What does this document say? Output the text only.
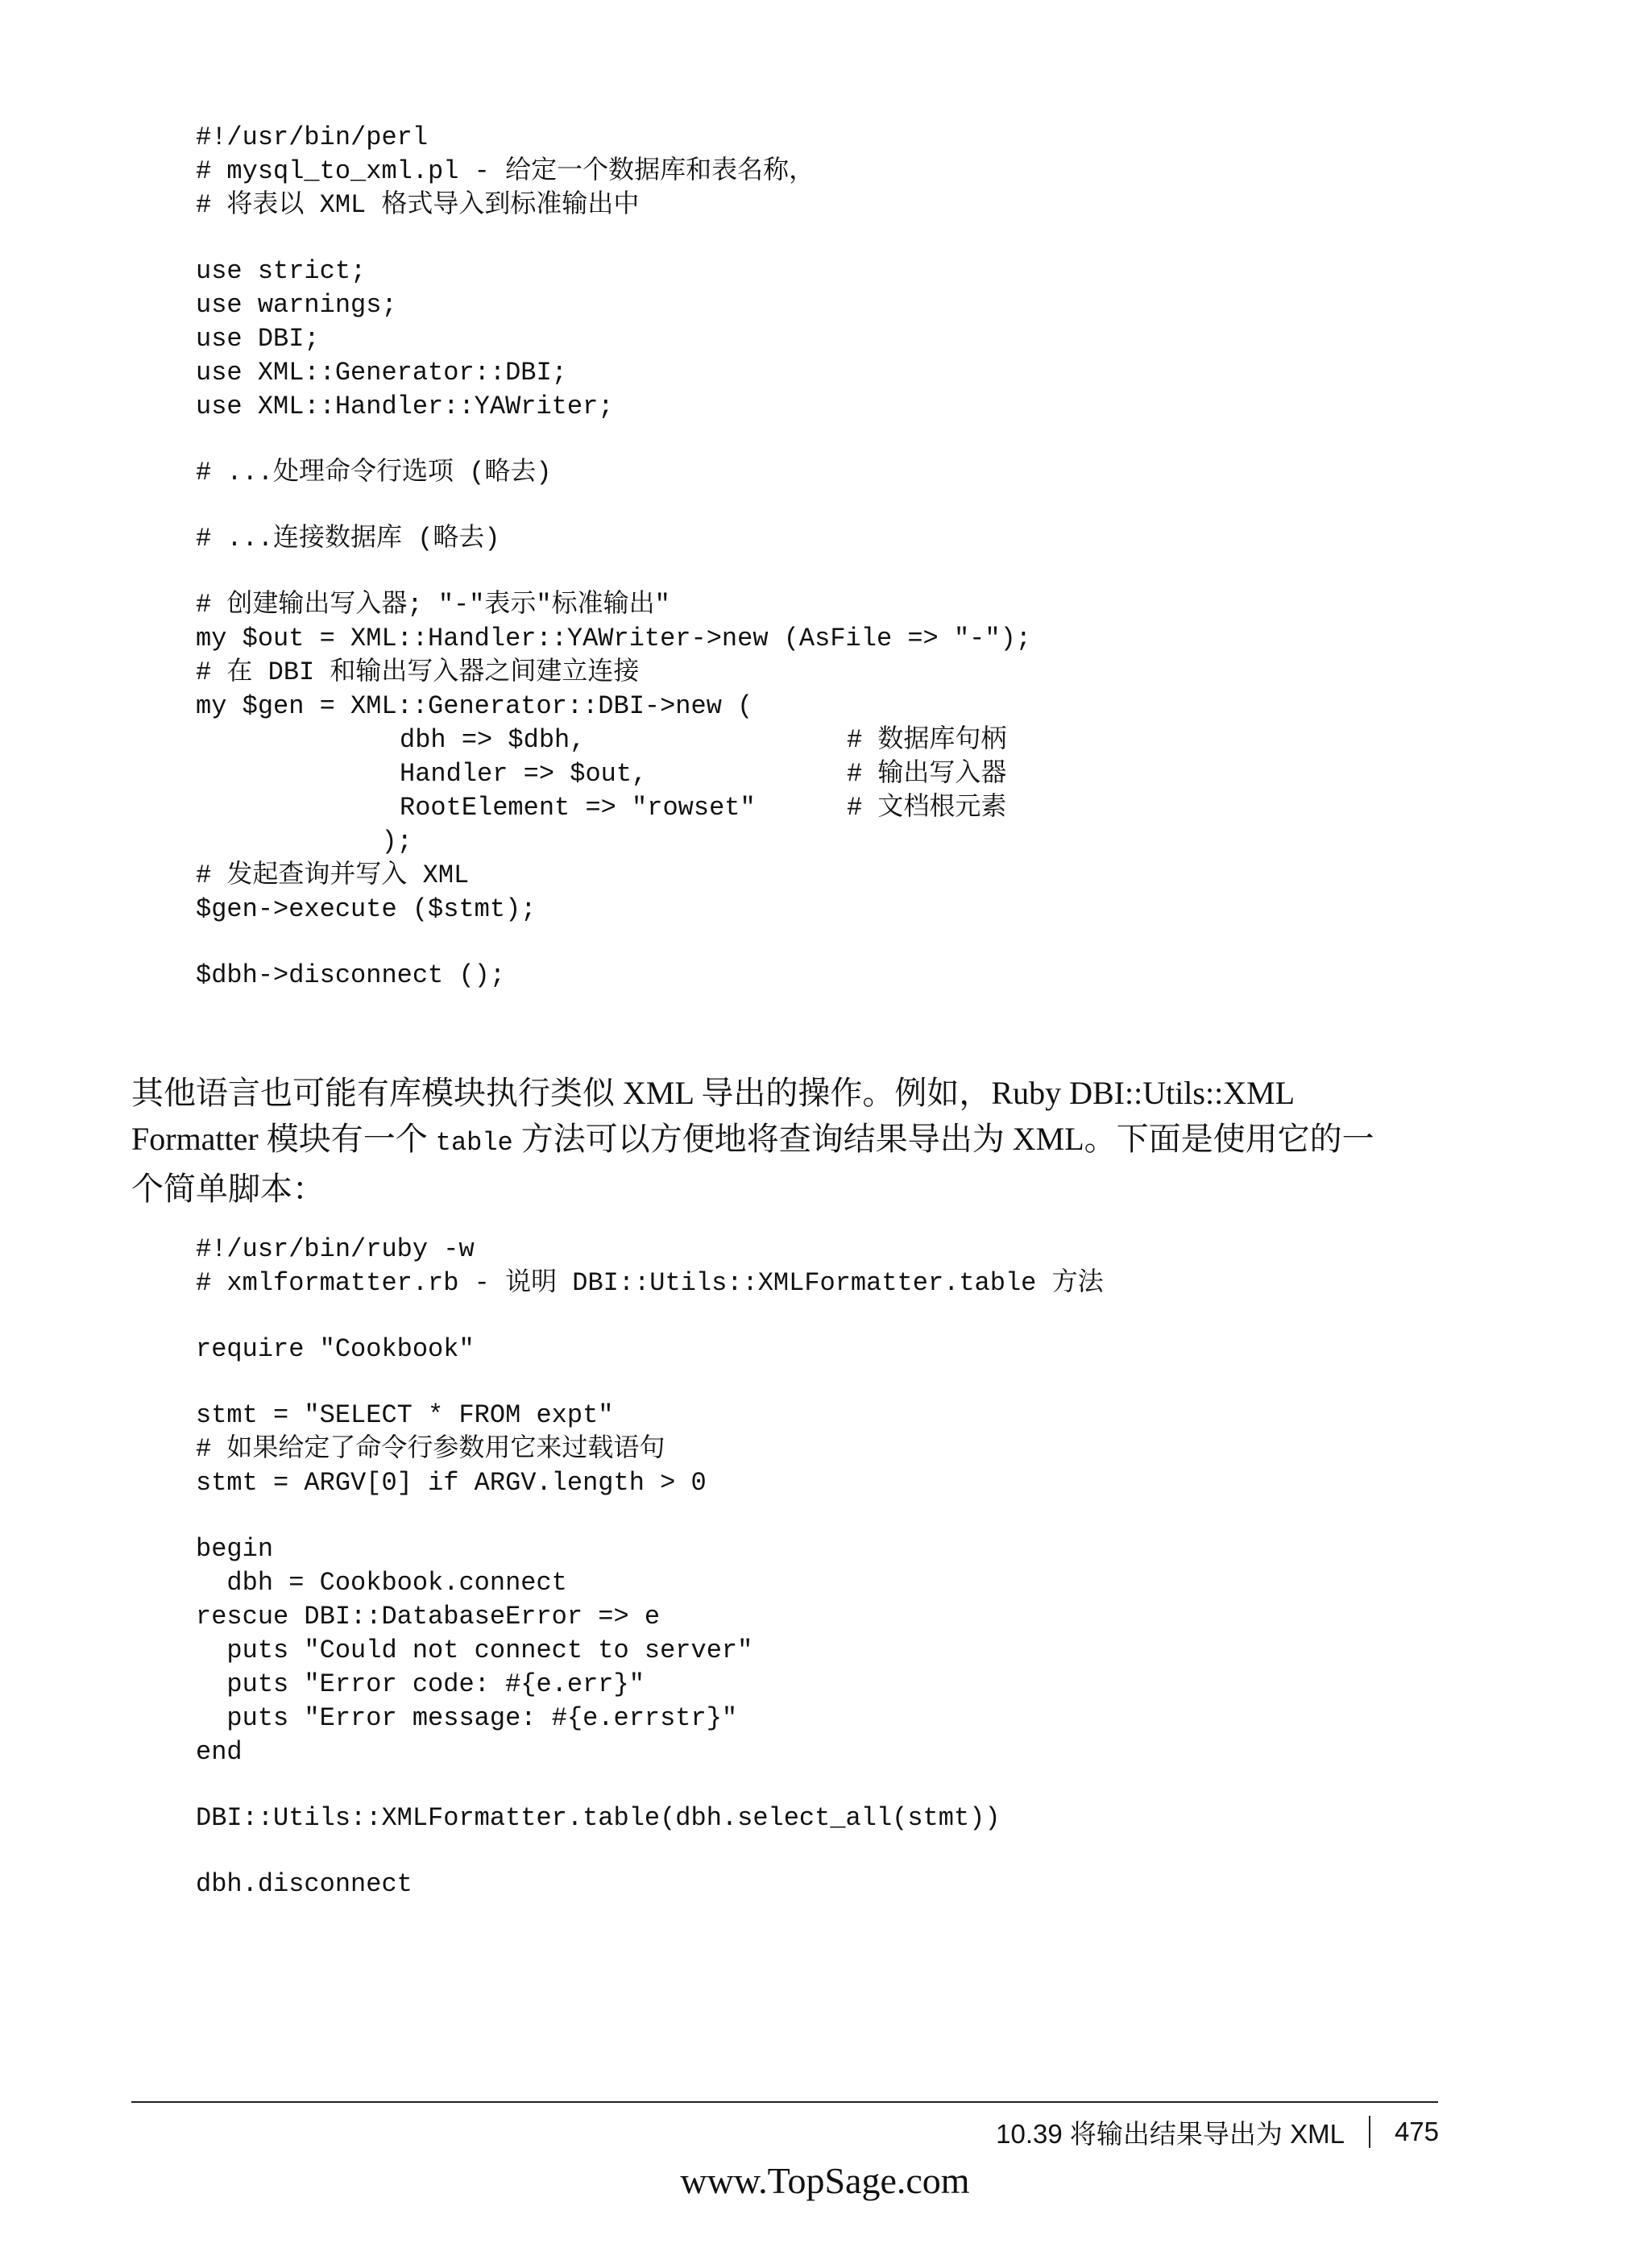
#!/usr/bin/perl
# mysql_to_xml.pl - 给定一个数据库和表名称，
# 将表以 XML 格式导入到标准输出中
use strict;
use warnings;
use DBI;
use XML::Generator::DBI;
use XML::Handler::YAWriter;
# ...处理命令行选项 (略去)
# ...连接数据库 (略去)
# 创建输出写入器; "-"表示"标准输出"
my $out = XML::Handler::YAWriter->new (AsFile => "-");
# 在 DBI 和输出写入器之间建立连接
my $gen = XML::Generator::DBI->new (

dbh => $dbh,

	# 数据库句柄

Handler => $out,

	# 输出写入器

RootElement => "rowset"

	# 文档根元素

);
# 发起查询并写入 XML
$gen->execute ($stmt);
$dbh->disconnect ();
其他语言也可能有库模块执行类似 XML 导出的操作。例如，Ruby DBI::Utils::XML
Formatter 模块有一个 table 方法可以方便地将查询结果导出为 XML。下面是使用它的一
个简单脚本：
#!/usr/bin/ruby -w
# xmlformatter.rb - 说明 DBI::Utils::XMLFormatter.table 方法
require "Cookbook"
stmt = "SELECT * FROM expt"
# 如果给定了命令行参数用它来过载语句
stmt = ARGV[0] if ARGV.length > 0
begin
dbh = Cookbook.connect
rescue DBI::DatabaseError => e
puts "Could not connect to server"
puts "Error code: #{e.err}"
puts "Error message: #{e.errstr}"
end
DBI::Utils::XMLFormatter.table(dbh.select_all(stmt))
dbh.disconnect
10.39 将输出结果导出为 XML 475
www.TopSage.com
